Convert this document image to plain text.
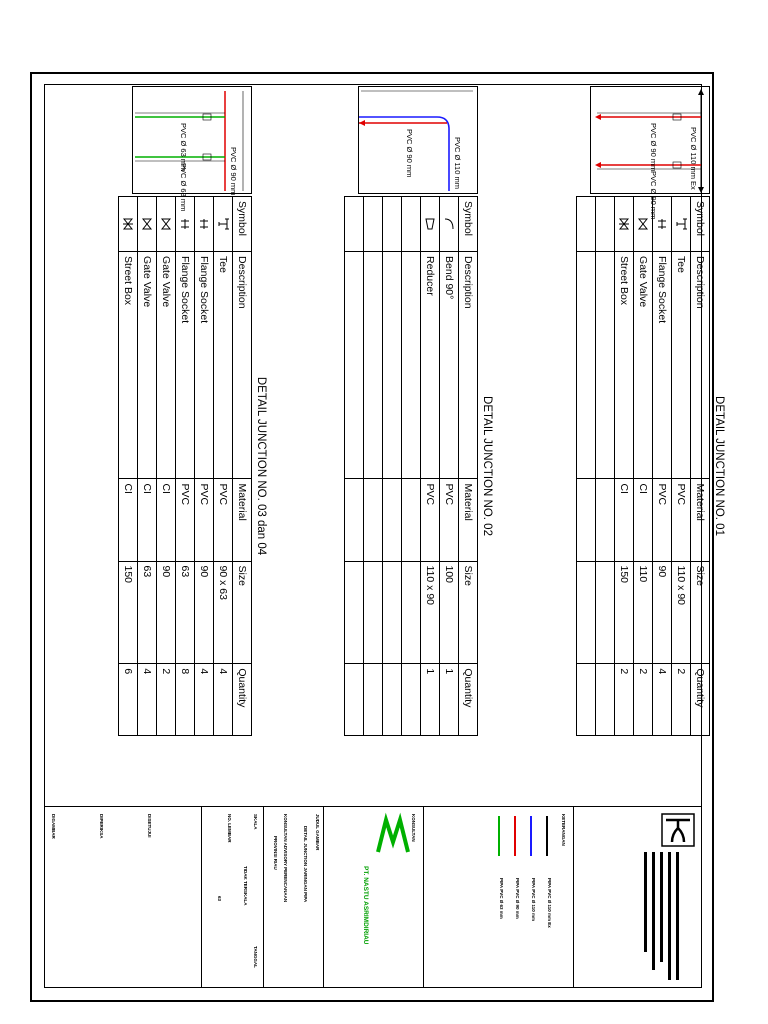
PVC Ø 110 mm Ex
PVC Ø 90 mm
PVC Ø 90 mm
DETAIL JUNCTION NO. 01
Symbol	Description	Material	Size	Quantity
	Tee	PVC	110 x 90	2
	Flange Socket	PVC	90	4
	Gate Valve	CI	110	2
	Street Box	CI	150	2

PVC Ø 110 mm
PVC Ø 90 mm
DETAIL JUNCTION NO. 02
Symbol	Description	Material	Size	Quantity
	Bend 90°	PVC	100	1
	Reducer	PVC	110 x 90	1

PVC Ø 90 mm
PVC Ø 63 mm
PVC Ø 63 mm
DETAIL JUNCTION NO. 03 dan 04
Symbol	Description	Material	Size	Quantity
	Tee	PVC	90 x 63	4
	Flange Socket	PVC	90	4
	Flange Socket	PVC	63	8
	Gate Valve	CI	90	2
	Gate Valve	CI	63	4
	Street Box	CI	150	6
DISETUJUI
DIPERIKSA
DIGAMBAR	SKALA
TIDAK TERSKALA
NO. LEMBAR
63
TANGGAL
JUDUL GAMBAR
DETAIL JUNCTION JARINGAN PIPA
KONSULTAN ADVISORY PERENCANAAN
PROVINSI RIAU
KONSULTAN
PT. NASTU ASRIMDIRIAU
KETERANGAN
PIPA PVC Ø 110 mm Ex
PIPA PVC Ø 110 mm
PIPA PVC Ø 90 mm
PIPA PVC Ø 63 mm
